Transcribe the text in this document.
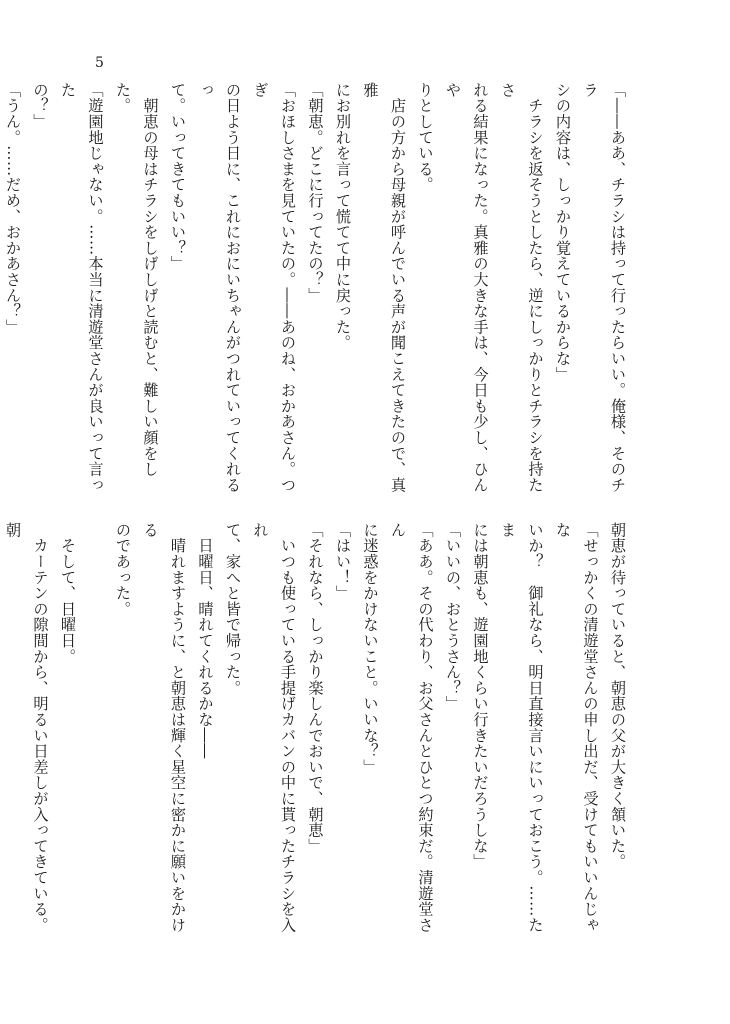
5

「――ああ、チラシは持って行ったらいい。俺様、そのチラ

シの内容は、しっかり覚えているからな」

　チラシを返そうとしたら、逆にしっかりとチラシを持たさ

れる結果になった。真雅の大きな手は、今日も少し、ひんや

りとしている。

　店の方から母親が呼んでいる声が聞こえてきたので、真雅

にお別れを言って慌てて中に戻った。

「朝恵。どこに行ってたの？」

「おほしさまを見ていたの。――あのね、おかあさん。つぎ

の日よう日に、これにおにいちゃんがつれていってくれるっ

て。いってきてもいい？」

　朝恵の母はチラシをしげしげと読むと、難しい顔をした。

「遊園地じゃない。……本当に清遊堂さんが良いって言った

の？」

「うん。……だめ、おかあさん？」

朝恵が待っていると、朝恵の父が大きく頷いた。

「せっかくの清遊堂さんの申し出だ、受けてもいいんじゃな

いか？　御礼なら、明日直接言いにいっておこう。……たま

には朝恵も、遊園地くらい行きたいだろうしな」

「いいの、おとうさん？」

「ああ。その代わり、お父さんとひとつ約束だ。清遊堂さん

に迷惑をかけないこと。いいな？」

「はい！」

「それなら、しっかり楽しんでおいで、朝恵」

　いつも使っている手提げカバンの中に貰ったチラシを入れ

て、家へと皆で帰った。

　日曜日、晴れてくれるかな――

　晴れますように、と朝恵は輝く星空に密かに願いをかける

のであった。

　そして、日曜日。

　カーテンの隙間から、明るい日差しが入ってきている。朝
